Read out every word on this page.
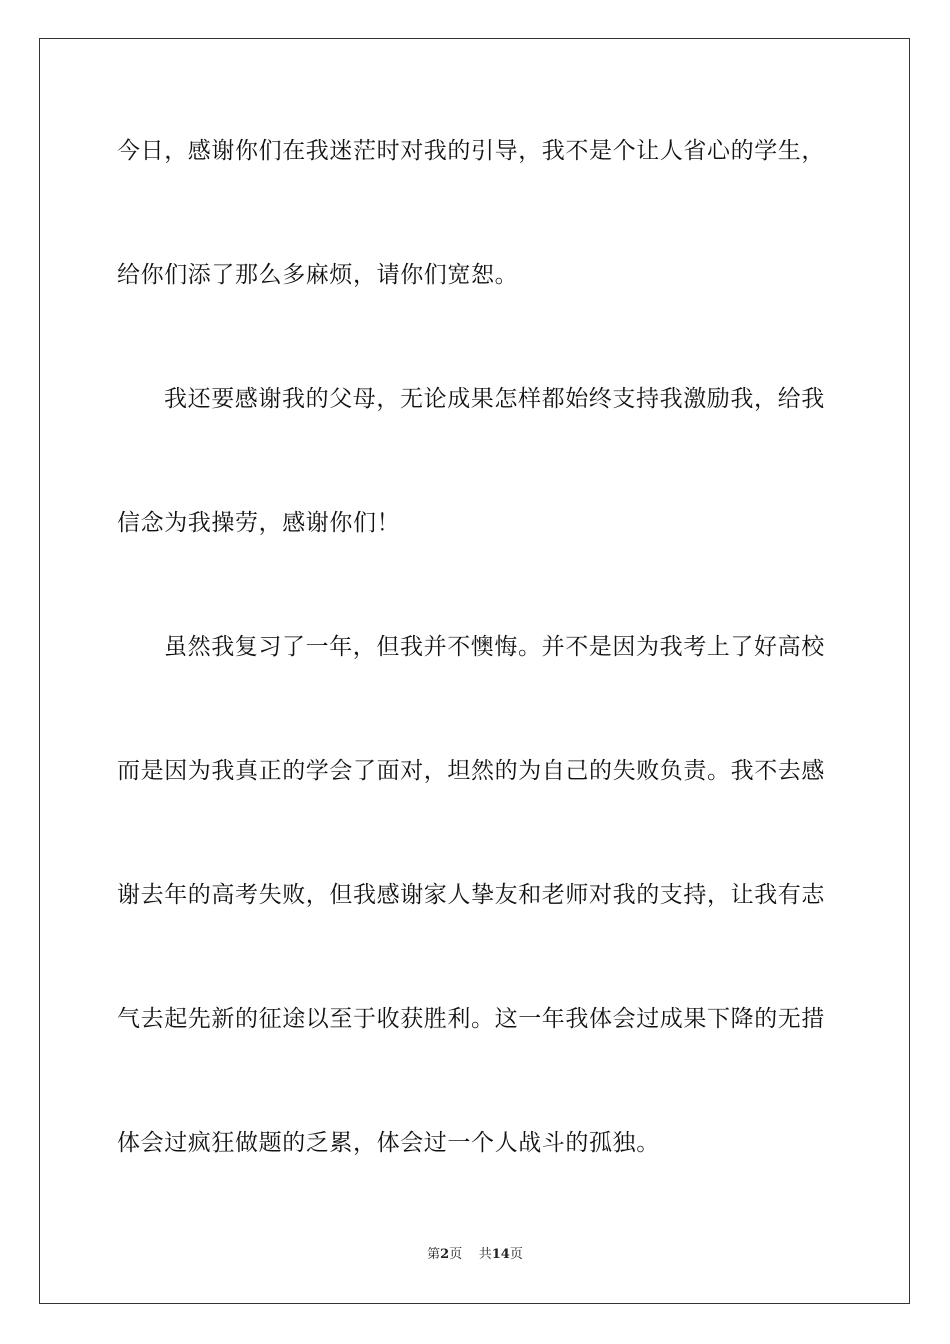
今日，感谢你们在我迷茫时对我的引导，我不是个让人省心的学生，
给你们添了那么多麻烦，请你们宽恕。
我还要感谢我的父母，无论成果怎样都始终支持我激励我，给我
信念为我操劳，感谢你们！
虽然我复习了一年，但我并不懊悔。并不是因为我考上了好高校
而是因为我真正的学会了面对，坦然的为自己的失败负责。我不去感
谢去年的高考失败，但我感谢家人挚友和老师对我的支持，让我有志
气去起先新的征途以至于收获胜利。这一年我体会过成果下降的无措
体会过疯狂做题的乏累，体会过一个人战斗的孤独。
第2页 共14页
